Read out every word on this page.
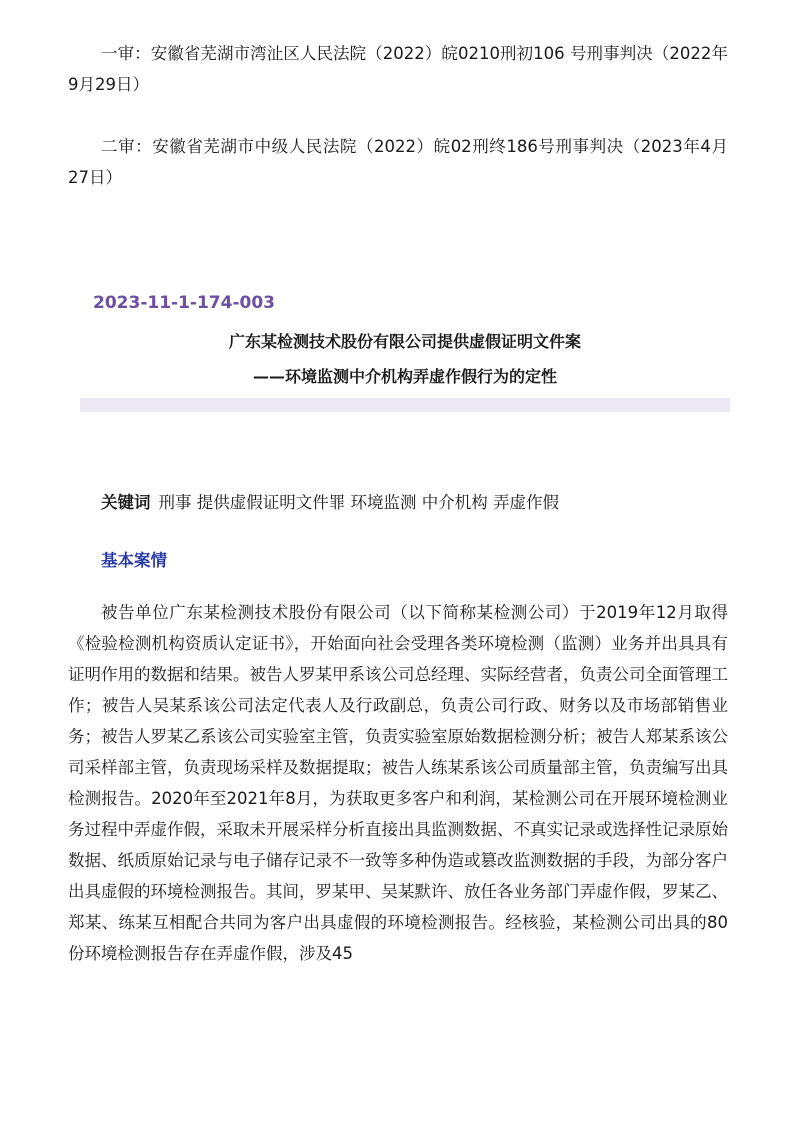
一审：安徽省芜湖市湾沚区人民法院（2022）皖0210刑初106 号刑事判决（2022年9月29日）

二审：安徽省芜湖市中级人民法院（2022）皖02刑终186号刑事判决（2023年4月27日）

2023-11-1-174-003

广东某检测技术股份有限公司提供虚假证明文件案

——环境监测中介机构弄虚作假行为的定性

关键词 刑事 提供虚假证明文件罪 环境监测 中介机构 弄虚作假

基本案情

被告单位广东某检测技术股份有限公司（以下简称某检测公司）于2019年12月取得《检验检测机构资质认定证书》，开始面向社会受理各类环境检测（监测）业务并出具具有证明作用的数据和结果。被告人罗某甲系该公司总经理、实际经营者，负责公司全面管理工作；被告人吴某系该公司法定代表人及行政副总，负责公司行政、财务以及市场部销售业务；被告人罗某乙系该公司实验室主管，负责实验室原始数据检测分析；被告人郑某系该公司采样部主管，负责现场采样及数据提取；被告人练某系该公司质量部主管，负责编写出具检测报告。2020年至2021年8月，为获取更多客户和利润，某检测公司在开展环境检测业务过程中弄虚作假，采取未开展采样分析直接出具监测数据、不真实记录或选择性记录原始数据、纸质原始记录与电子储存记录不一致等多种伪造或篡改监测数据的手段，为部分客户出具虚假的环境检测报告。其间，罗某甲、吴某默许、放任各业务部门弄虚作假，罗某乙、郑某、练某互相配合共同为客户出具虚假的环境检测报告。经核验，某检测公司出具的80份环境检测报告存在弄虚作假，涉及45
